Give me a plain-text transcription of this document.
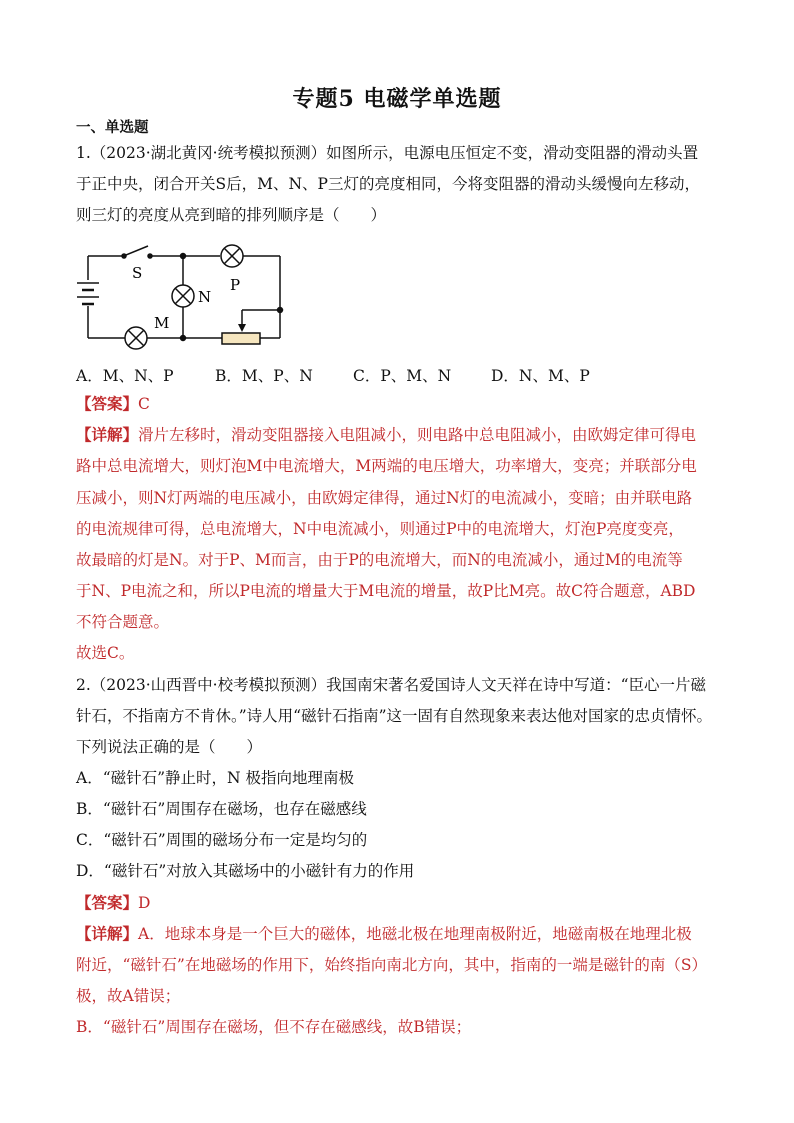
专题5 电磁学单选题
一、单选题
1.（2023·湖北黄冈·统考模拟预测）如图所示，电源电压恒定不变，滑动变阻器的滑动头置
于正中央，闭合开关S后，M、N、P三灯的亮度相同，今将变阻器的滑动头缓慢向左移动，
则三灯的亮度从亮到暗的排列顺序是（　　）
S
N
P
M
A．M、N、P	B．M、P、N	C．P、M、N	D．N、M、P
【答案】C
【详解】滑片左移时，滑动变阻器接入电阻减小，则电路中总电阻减小，由欧姆定律可得电
路中总电流增大，则灯泡M中电流增大，M两端的电压增大，功率增大，变亮；并联部分电
压减小，则N灯两端的电压减小，由欧姆定律得，通过N灯的电流减小，变暗；由并联电路
的电流规律可得，总电流增大，N中电流减小，则通过P中的电流增大，灯泡P亮度变亮，
故最暗的灯是N。对于P、M而言，由于P的电流增大，而N的电流减小，通过M的电流等
于N、P电流之和，所以P电流的增量大于M电流的增量，故P比M亮。故C符合题意，ABD
不符合题意。
故选C。
2.（2023·山西晋中·校考模拟预测）我国南宋著名爱国诗人文天祥在诗中写道：“臣心一片磁
针石，不指南方不肯休。”诗人用“磁针石指南”这一固有自然现象来表达他对国家的忠贞情怀。
下列说法正确的是（　　）
A．“磁针石”静止时，N 极指向地理南极
B．“磁针石”周围存在磁场，也存在磁感线
C．“磁针石”周围的磁场分布一定是均匀的
D．“磁针石”对放入其磁场中的小磁针有力的作用
【答案】D
【详解】A．地球本身是一个巨大的磁体，地磁北极在地理南极附近，地磁南极在地理北极
附近，“磁针石”在地磁场的作用下，始终指向南北方向，其中，指南的一端是磁针的南（S）
极，故A错误；
B．“磁针石”周围存在磁场，但不存在磁感线，故B错误；
